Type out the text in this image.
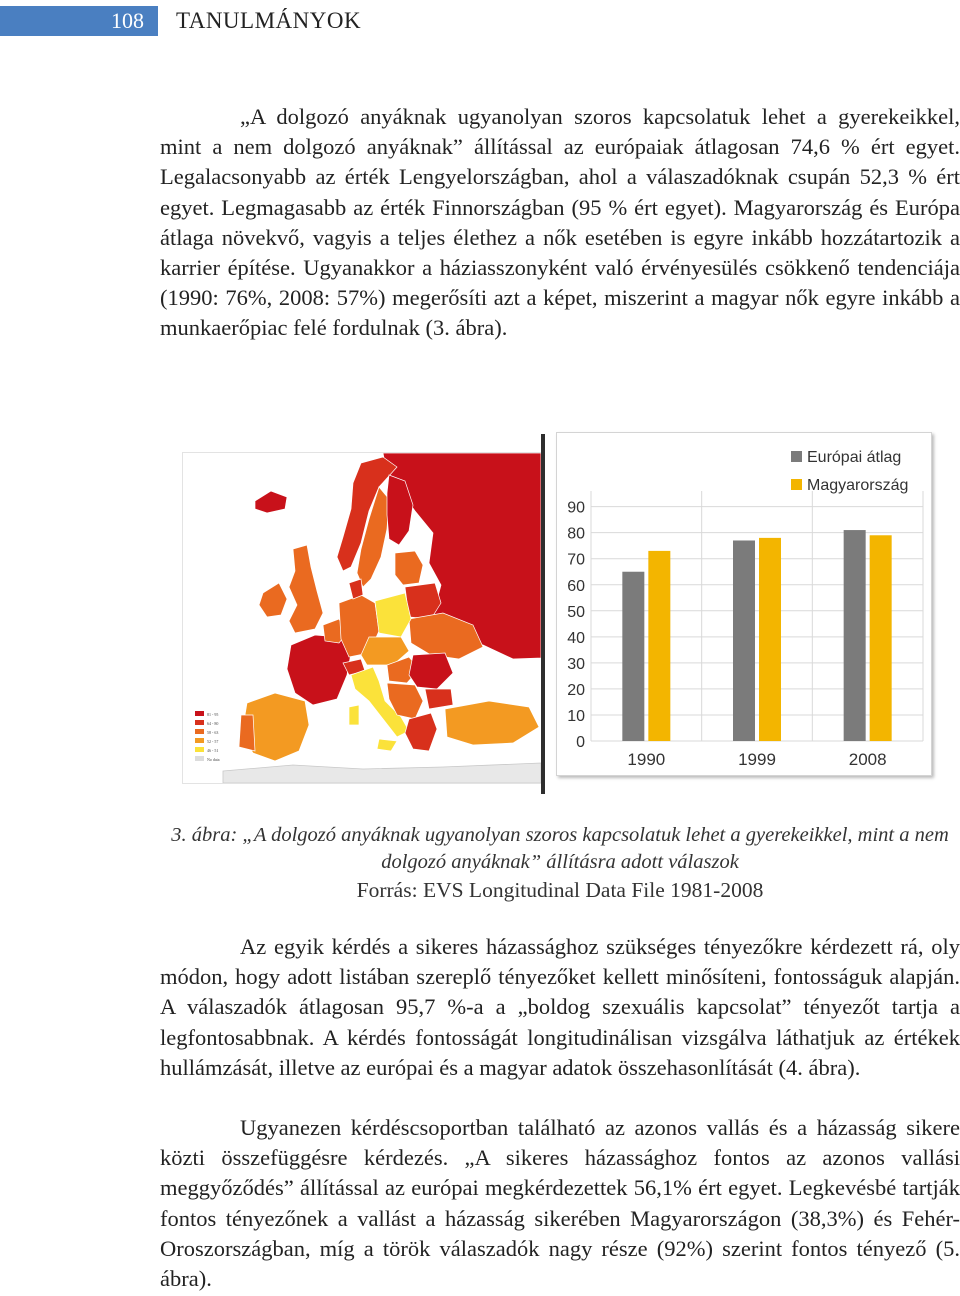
108	TANULMÁNYOK

„A dolgozó anyáknak ugyanolyan szoros kapcsolatuk lehet a gyerekeikkel, mint a nem dolgozó anyáknak” állítással az európaiak átlagosan 74,6 % ért egyet. Legalacsonyabb az érték Lengyelországban, ahol a válaszadóknak csupán 52,3 % ért egyet. Legmagasabb az érték Finnországban (95 % ért egyet). Magyarország és Európa átlaga növekvő, vagyis a teljes élethez a nők esetében is egyre inkább hozzátartozik a karrier építése. Ugyanakkor a háziasszonyként való érvényesülés csökkenő tendenciája (1990: 76%, 2008: 57%) megerősíti azt a képet, miszerint a magyar nők egyre inkább a munkaerőpiac felé fordulnak (3. ábra).

81 - 95
64 - 80
58 - 63
52 - 57
46 - 51
No data
0
10
20
30
40
50
60
70
80
90
1990	1999	2008
Európai átlag
Magyarország
3. ábra: „A dolgozó anyáknak ugyanolyan szoros kapcsolatuk lehet a gyerekeikkel, mint a nem
dolgozó anyáknak” állításra adott válaszok
Forrás: EVS Longitudinal Data File 1981-2008

Az egyik kérdés a sikeres házassághoz szükséges tényezőkre kérdezett rá, oly módon, hogy adott listában szereplő tényezőket kellett minősíteni, fontosságuk alapján. A válaszadók átlagosan 95,7 %-a a „boldog szexuális kapcsolat” tényezőt tartja a legfontosabbnak. A kérdés fontosságát longitudinálisan vizsgálva láthatjuk az értékek hullámzását, illetve az európai és a magyar adatok összehasonlítását (4. ábra).

Ugyanezen kérdéscsoportban található az azonos vallás és a házasság sikere közti összefüggésre kérdezés. „A sikeres házassághoz fontos az azonos vallási meggyőződés” állítással az európai megkérdezettek 56,1% ért egyet. Legkevésbé tartják fontos tényezőnek a vallást a házasság sikerében Magyarországon (38,3%) és Fehér-Oroszországban, míg a török válaszadók nagy része (92%) szerint fontos tényező (5. ábra).
